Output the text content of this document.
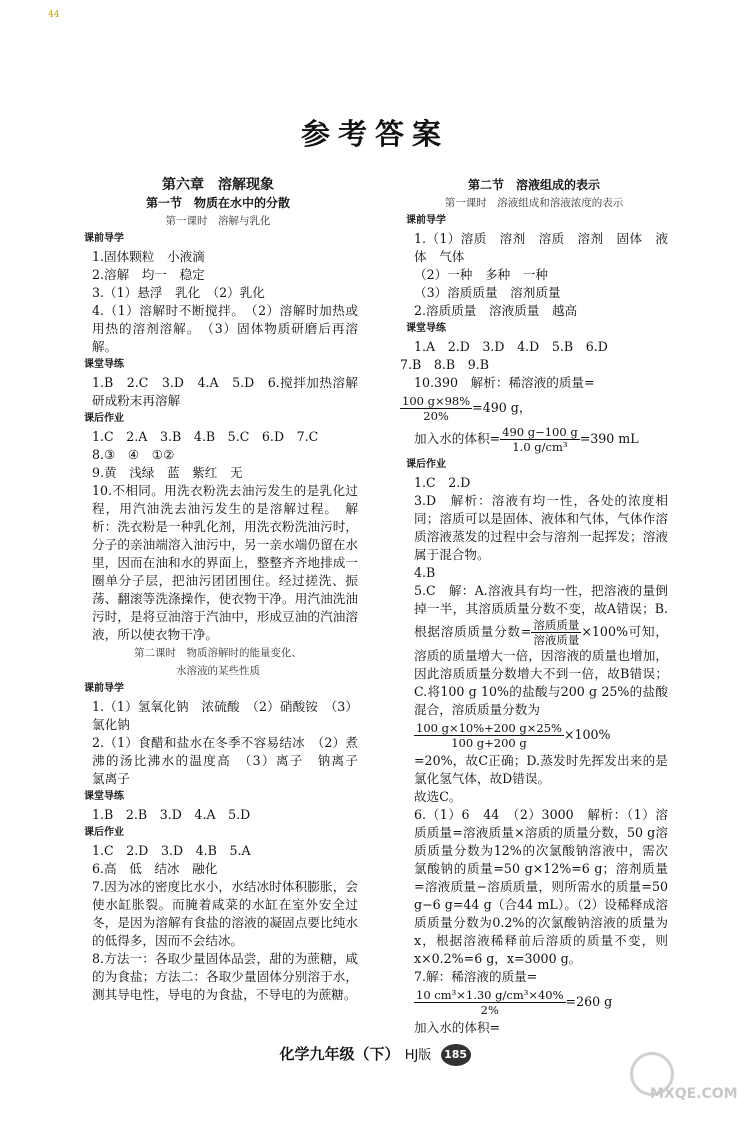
44
参考答案

第六章　溶解现象

第一节　物质在水中的分散

第一课时　溶解与乳化

课前导学

1.固体颗粒　小液滴

2.溶解　均一　稳定

3.（1）悬浮　乳化　（2）乳化

4.（1）溶解时不断搅拌。　（2）溶解时加热或用热的溶剂溶解。　（3）固体物质研磨后再溶解。

课堂导练

1.B　2.C　3.D　4.A　5.D　6.搅拌加热溶解　研成粉末再溶解

课后作业

1.C　2.A　3.B　4.B　5.C　6.D　7.C

8.③　④　①②

9.黄　浅绿　蓝　紫红　无

10.不相同。用洗衣粉洗去油污发生的是乳化过程，用汽油洗去油污发生的是溶解过程。　解析：洗衣粉是一种乳化剂，用洗衣粉洗油污时，分子的亲油端溶入油污中，另一亲水端仍留在水里，因而在油和水的界面上，整整齐齐地排成一圈单分子层，把油污团团围住。经过搓洗、振荡、翻滚等洗涤操作，使衣物干净。用汽油洗油污时，是将豆油溶于汽油中，形成豆油的汽油溶液，所以使衣物干净。

第二课时　物质溶解时的能量变化、

水溶液的某些性质

课前导学

1.（1）氢氧化钠　浓硫酸　（2）硝酸铵　（3）氯化钠

2.（1）食醋和盐水在冬季不容易结冰　（2）煮沸的汤比沸水的温度高　（3）离子　钠离子　氯离子

课堂导练

1.B　2.B　3.D　4.A　5.D

课后作业

1.C　2.D　3.D　4.B　5.A

6.高　低　结冰　融化

7.因为冰的密度比水小，水结冰时体积膨胀，会使水缸胀裂。而腌着咸菜的水缸在室外安全过冬，是因为溶解有食盐的溶液的凝固点要比纯水的低得多，因而不会结冰。

8.方法一：各取少量固体品尝，甜的为蔗糖，咸的为食盐；方法二：各取少量固体分别溶于水，测其导电性，导电的为食盐，不导电的为蔗糖。

第二节　溶液组成的表示

第一课时　溶液组成和溶液浓度的表示

课前导学

1.（1）溶质　溶剂　溶质　溶剂　固体　液体　气体

（2）一种　多种　一种

（3）溶质质量　溶剂质量

2.溶质质量　溶液质量　越高

课堂导练

1.A　2.D　3.D　4.D　5.B　6.D

7.B　8.B　9.B

10.390　解析：稀溶液的质量=

$\frac{100 g\times 98\%}{20\%} =490$ g，

加入水的体积= $\frac{490 g-100 g}{\text{1.0 g/cm³}} =390$ mL

课后作业

1.C　2.D

3.D　解析：溶液有均一性，各处的浓度相同；溶质可以是固体、液体和气体，气体作溶质溶液蒸发的过程中会与溶剂一起挥发；溶液属于混合物。

4.B

5.C　解：A.溶液具有均一性，把溶液的量倒掉一半，其溶质质量分数不变，故A错误；B.根据溶质质量分数= $\frac{\text{溶质质量}}{\text{溶液质量}} \times 100\%$可知，溶质的质量增大一倍，因溶液的质量也增加，因此溶质质量分数增大不到一倍，故B错误；C.将100 g 10%的盐酸与200 g 25%的盐酸混合，溶质质量分数为

$\frac{100 g\times 10\%+200 g\times 25\%}{100 g+200 g} \times 100\%$

=20%，故C正确；D.蒸发时先挥发出来的是氯化氢气体，故D错误。

故选C。

6.（1）6　44　（2）3000　解析：（1）溶质质量=溶液质量×溶质的质量分数，50 g溶质质量分数为12%的次氯酸钠溶液中，需次氯酸钠的质量=50 g×12%=6 g；溶剂质量=溶液质量−溶质质量，则所需水的质量=50 g−6 g=44 g（合44 mL）。（2）设稀释成溶质质量分数为0.2%的次氯酸钠溶液的质量为x，根据溶液稀释前后溶质的质量不变，则x×0.2%=6 g，x=3000 g。

7.解：稀溶液的质量=

$\frac{\text{10 cm³×1.30 g/cm³×40\%}}{2\%} =260$ g

加入水的体积=

化学九年级（下） HJ版 185
MXQE.COM
